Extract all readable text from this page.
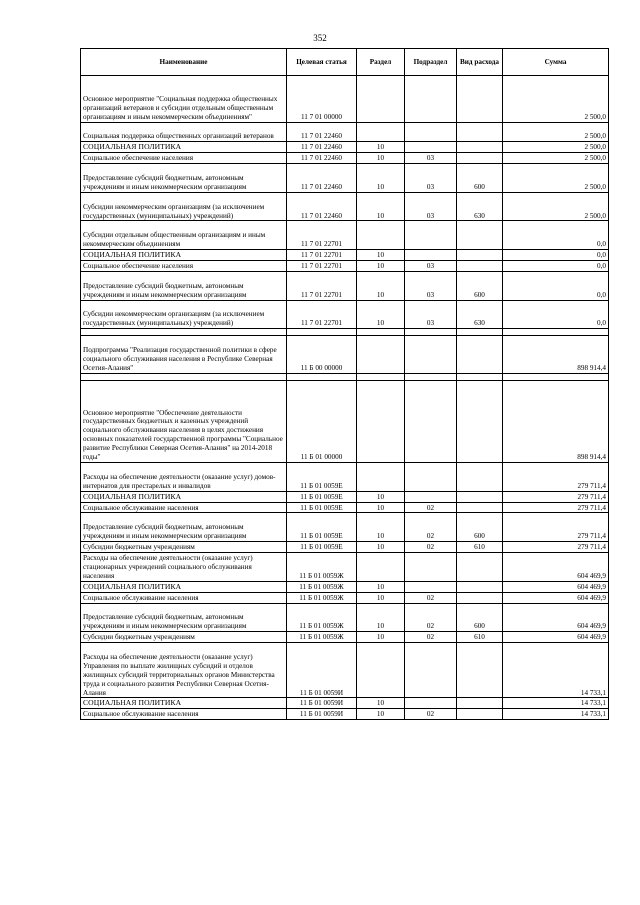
352
Наименование	Целевая статья	Раздел	Подраздел	Вид расхода	Сумма
Основное мероприятие "Социальная поддержка общественных организаций ветеранов и субсидии отдельным общественным организациям и иным некоммерческим объединениям"	11 7 01 00000				2 500,0
Социальная поддержка общественных организаций ветеранов	11 7 01 22460				2 500,0
СОЦИАЛЬНАЯ ПОЛИТИКА	11 7 01 22460	10			2 500,0
Социальное обеспечение населения	11 7 01 22460	10	03		2 500,0
Предоставление субсидий бюджетным, автономным учреждениям и иным некоммерческим организациям	11 7 01 22460	10	03	600	2 500,0
Субсидии некоммерческим организациям (за исключением государственных (муниципальных) учреждений)	11 7 01 22460	10	03	630	2 500,0
Субсидии отдельным общественным организациям и иным некоммерческим объединениям	11 7 01 22701				0,0
СОЦИАЛЬНАЯ ПОЛИТИКА	11 7 01 22701	10			0,0
Социальное обеспечение населения	11 7 01 22701	10	03		0,0
Предоставление субсидий бюджетным, автономным учреждениям и иным некоммерческим организациям	11 7 01 22701	10	03	600	0,0
Субсидии некоммерческим организациям (за исключением государственных (муниципальных) учреждений)	11 7 01 22701	10	03	630	0,0

Подпрограмма "Реализация государственной политики в сфере социального обслуживания населения в Республике Северная Осетия-Алания"	11 Б 00 00000				898 914,4

Основное мероприятие "Обеспечение деятельности государственных бюджетных и казенных учреждений социального обслуживания населения в целях достижения основных показателей государственной программы "Социальное развитие Республики Северная Осетия-Алания" на 2014-2018 годы"	11 Б 01 00000				898 914,4
Расходы на обеспечение деятельности (оказание услуг) домов-интернатов для престарелых и инвалидов	11 Б 01 0059Е				279 711,4
СОЦИАЛЬНАЯ ПОЛИТИКА	11 Б 01 0059Е	10			279 711,4
Социальное обслуживание населения	11 Б 01 0059Е	10	02		279 711,4
Предоставление субсидий бюджетным, автономным учреждениям и иным некоммерческим организациям	11 Б 01 0059Е	10	02	600	279 711,4
Субсидии бюджетным учреждениям	11 Б 01 0059Е	10	02	610	279 711,4
Расходы на обеспечение деятельности (оказание услуг) стационарных учреждений социального обслуживания населения	11 Б 01 0059Ж				604 469,9
СОЦИАЛЬНАЯ ПОЛИТИКА	11 Б 01 0059Ж	10			604 469,9
Социальное обслуживание населения	11 Б 01 0059Ж	10	02		604 469,9
Предоставление субсидий бюджетным, автономным учреждениям и иным некоммерческим организациям	11 Б 01 0059Ж	10	02	600	604 469,9
Субсидии бюджетным учреждениям	11 Б 01 0059Ж	10	02	610	604 469,9
Расходы на обеспечение деятельности (оказание услуг) Управления по выплате жилищных субсидий и отделов жилищных субсидий территориальных органов Министерства труда и социального развития Республики Северная Осетия-Алания	11 Б 01 0059И				14 733,1
СОЦИАЛЬНАЯ ПОЛИТИКА	11 Б 01 0059И	10			14 733,1
Социальное обслуживание населения	11 Б 01 0059И	10	02		14 733,1
